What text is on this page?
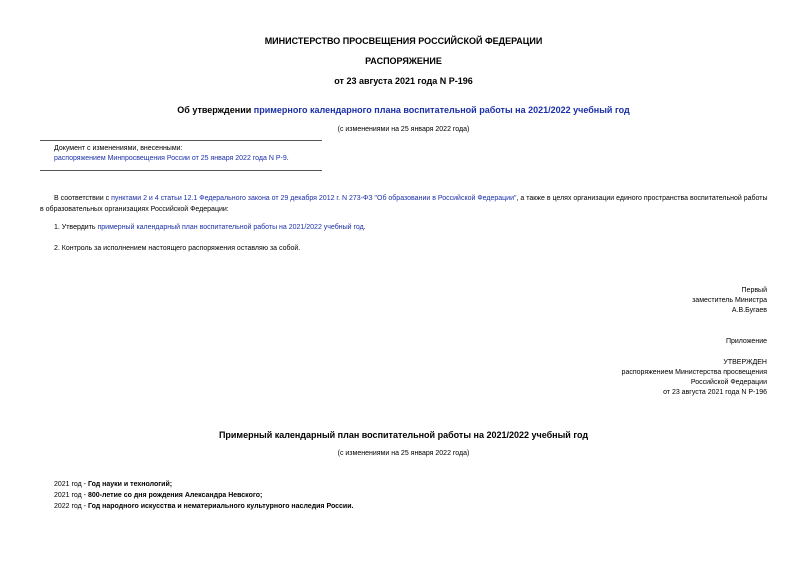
МИНИСТЕРСТВО ПРОСВЕЩЕНИЯ РОССИЙСКОЙ ФЕДЕРАЦИИ
РАСПОРЯЖЕНИЕ
от 23 августа 2021 года N Р-196
Об утверждении примерного календарного плана воспитательной работы на 2021/2022 учебный год
(с изменениями на 25 января 2022 года)
Документ с изменениями, внесенными:
распоряжением Минпросвещения России от 25 января 2022 года N Р-9.
В соответствии с пунктами 2 и 4 статьи 12.1 Федерального закона от 29 декабря 2012 г. N 273-ФЗ "Об образовании в Российской Федерации", а также в целях организации единого пространства воспитательной работы в образовательных организациях Российской Федерации:
1. Утвердить примерный календарный план воспитательной работы на 2021/2022 учебный год.
2. Контроль за исполнением настоящего распоряжения оставляю за собой.
Первый
заместитель Министра
А.В.Бугаев
Приложение
УТВЕРЖДЕН
распоряжением Министерства просвещения
Российской Федерации
от 23 августа 2021 года N Р-196
Примерный календарный план воспитательной работы на 2021/2022 учебный год
(с изменениями на 25 января 2022 года)
2021 год - Год науки и технологий;
2021 год - 800-летие со дня рождения Александра Невского;
2022 год - Год народного искусства и нематериального культурного наследия России.
